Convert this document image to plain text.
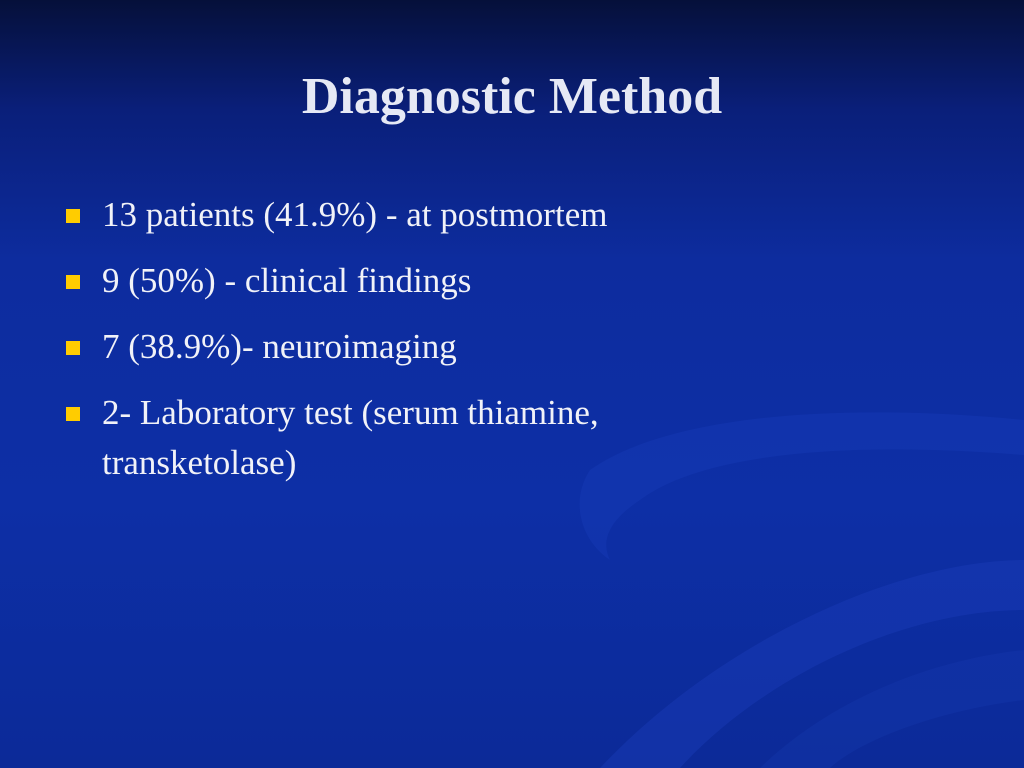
Diagnostic Method
13 patients (41.9%) - at postmortem
9 (50%) - clinical findings
7 (38.9%)- neuroimaging
2- Laboratory test (serum thiamine, transketolase)
